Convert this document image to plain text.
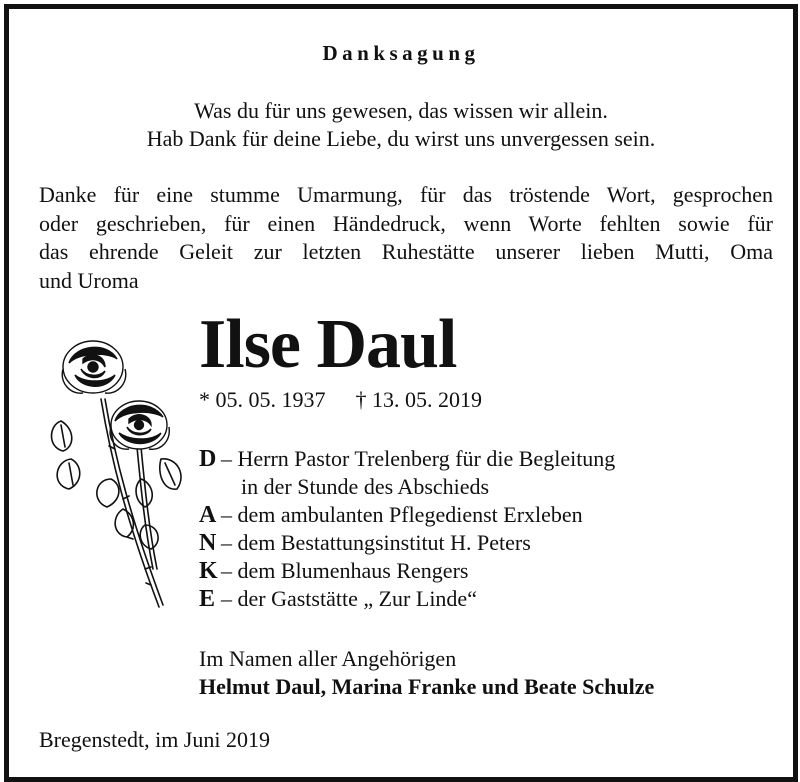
Danksagung
Was du für uns gewesen, das wissen wir allein.
Hab Dank für deine Liebe, du wirst uns unvergessen sein.
Danke für eine stumme Umarmung, für das tröstende Wort, gesprochen
oder geschrieben, für einen Händedruck, wenn Worte fehlten sowie für
das ehrende Geleit zur letzten Ruhestätte unserer lieben Mutti, Oma
und Uroma
Ilse Daul
* 05. 05. 1937 † 13. 05. 2019
D – Herrn Pastor Trelenberg für die Begleitung
in der Stunde des Abschieds
A – dem ambulanten Pflegedienst Erxleben
N – dem Bestattungsinstitut H. Peters
K – dem Blumenhaus Rengers
E – der Gaststätte „ Zur Linde“
Im Namen aller Angehörigen
Helmut Daul, Marina Franke und Beate Schulze
Bregenstedt, im Juni 2019
